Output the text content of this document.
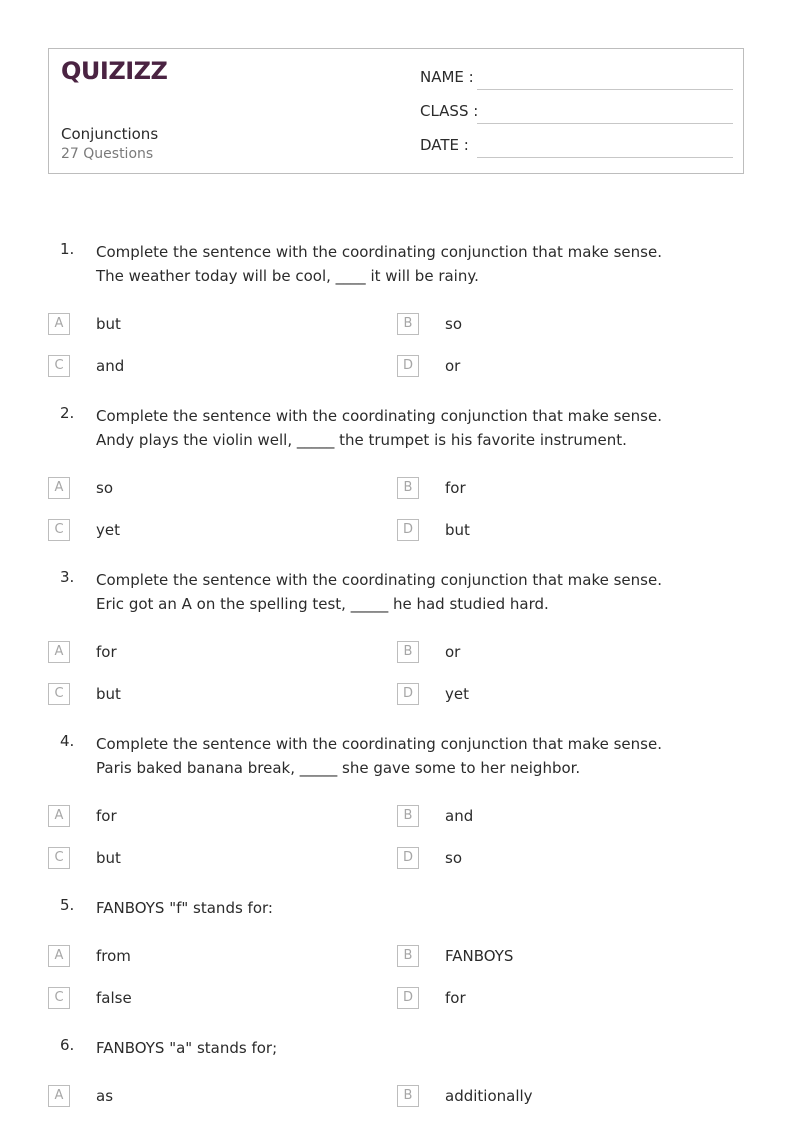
QUIZIZZ
Conjunctions
27 Questions
NAME :
CLASS :
DATE :
1. Complete the sentence with the coordinating conjunction that make sense.
The weather today will be cool, ____ it will be rainy.
A	but	B	so
C	and	D	or
2. Complete the sentence with the coordinating conjunction that make sense.
Andy plays the violin well, _____ the trumpet is his favorite instrument.
A	so	B	for
C	yet	D	but
3. Complete the sentence with the coordinating conjunction that make sense.
Eric got an A on the spelling test, _____ he had studied hard.
A	for	B	or
C	but	D	yet
4. Complete the sentence with the coordinating conjunction that make sense.
Paris baked banana break, _____ she gave some to her neighbor.
A	for	B	and
C	but	D	so
5. FANBOYS "f" stands for:
A	from	B	FANBOYS
C	false	D	for
6. FANBOYS "a" stands for;
A	as	B	additionally
